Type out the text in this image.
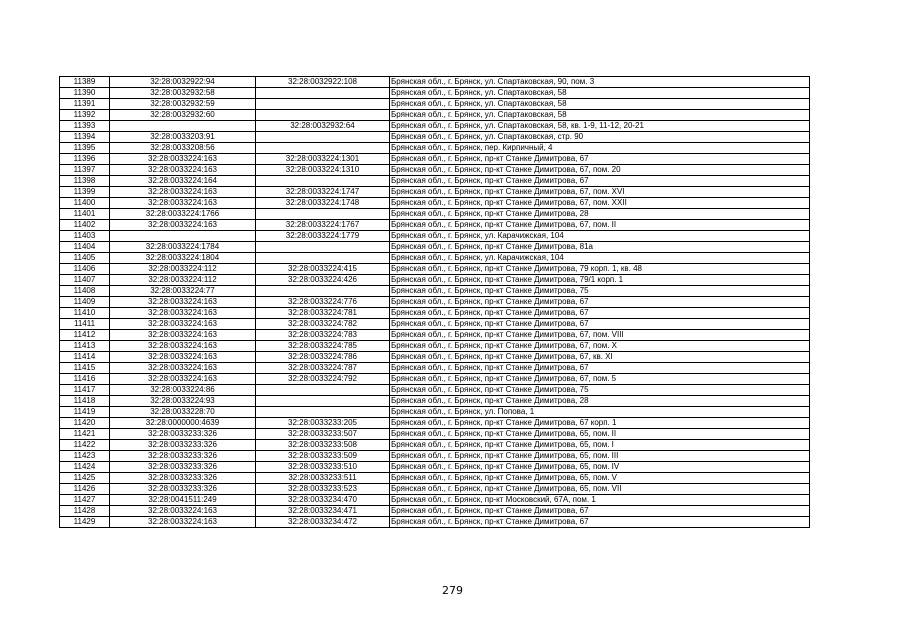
11389	32:28:0032922:94	32:28:0032922:108	Брянская обл., г. Брянск, ул. Спартаковская, 90, пом. 3
11390	32:28:0032932:58		Брянская обл., г. Брянск, ул. Спартаковская, 58
11391	32:28:0032932:59		Брянская обл., г. Брянск, ул. Спартаковская, 58
11392	32:28:0032932:60		Брянская обл., г. Брянск, ул. Спартаковская, 58
11393		32:28:0032932:64	Брянская обл., г. Брянск, ул. Спартаковская, 58, кв. 1-9, 11-12, 20-21
11394	32:28:0033203:91		Брянская обл., г. Брянск, ул. Спартаковская, стр. 90
11395	32:28:0033208:56		Брянская обл., г. Брянск, пер. Кирпичный, 4
11396	32:28:0033224:163	32:28:0033224:1301	Брянская обл., г. Брянск, пр-кт Станке Димитрова, 67
11397	32:28:0033224:163	32:28:0033224:1310	Брянская обл., г. Брянск, пр-кт Станке Димитрова, 67, пом. 20
11398	32:28:0033224:164		Брянская обл., г. Брянск, пр-кт Станке Димитрова, 67
11399	32:28:0033224:163	32:28:0033224:1747	Брянская обл., г. Брянск, пр-кт Станке Димитрова, 67, пом. XVI
11400	32:28:0033224:163	32:28:0033224:1748	Брянская обл., г. Брянск, пр-кт Станке Димитрова, 67, пом. XXII
11401	32:28:0033224:1766		Брянская обл., г. Брянск, пр-кт Станке Димитрова, 28
11402	32:28:0033224:163	32:28:0033224:1767	Брянская обл., г. Брянск, пр-кт Станке Димитрова, 67, пом. II
11403		32:28:0033224:1779	Брянская обл., г. Брянск, ул. Карачижская, 104
11404	32:28:0033224:1784		Брянская обл., г. Брянск, пр-кт Станке Димитрова, 81а
11405	32:28:0033224:1804		Брянская обл., г. Брянск, ул. Карачижская, 104
11406	32:28:0033224:112	32:28:0033224:415	Брянская обл., г. Брянск, пр-кт Станке Димитрова, 79 корп. 1, кв. 48
11407	32:28:0033224:112	32:28:0033224:426	Брянская обл., г. Брянск, пр-кт Станке Димитрова, 79/1 корп. 1
11408	32:28:0033224:77		Брянская обл., г. Брянск, пр-кт Станке Димитрова, 75
11409	32:28:0033224:163	32:28:0033224:776	Брянская обл., г. Брянск, пр-кт Станке Димитрова, 67
11410	32:28:0033224:163	32:28:0033224:781	Брянская обл., г. Брянск, пр-кт Станке Димитрова, 67
11411	32:28:0033224:163	32:28:0033224:782	Брянская обл., г. Брянск, пр-кт Станке Димитрова, 67
11412	32:28:0033224:163	32:28:0033224:783	Брянская обл., г. Брянск, пр-кт Станке Димитрова, 67, пом. VIII
11413	32:28:0033224:163	32:28:0033224:785	Брянская обл., г. Брянск, пр-кт Станке Димитрова, 67, пом. X
11414	32:28:0033224:163	32:28:0033224:786	Брянская обл., г. Брянск, пр-кт Станке Димитрова, 67, кв. XI
11415	32:28:0033224:163	32:28:0033224:787	Брянская обл., г. Брянск, пр-кт Станке Димитрова, 67
11416	32:28:0033224:163	32:28:0033224:792	Брянская обл., г. Брянск, пр-кт Станке Димитрова, 67, пом. 5
11417	32:28:0033224:86		Брянская обл., г. Брянск, пр-кт Станке Димитрова, 75
11418	32:28:0033224:93		Брянская обл., г. Брянск, пр-кт Станке Димитрова, 28
11419	32:28:0033228:70		Брянская обл., г. Брянск, ул. Попова, 1
11420	32:28:0000000:4639	32:28:0033233:205	Брянская обл., г. Брянск, пр-кт Станке Димитрова, 67 корп. 1
11421	32:28:0033233:326	32:28:0033233:507	Брянская обл., г. Брянск, пр-кт Станке Димитрова, 65, пом. II
11422	32:28:0033233:326	32:28:0033233:508	Брянская обл., г. Брянск, пр-кт Станке Димитрова, 65, пом. I
11423	32:28:0033233:326	32:28:0033233:509	Брянская обл., г. Брянск, пр-кт Станке Димитрова, 65, пом. III
11424	32:28:0033233:326	32:28:0033233:510	Брянская обл., г. Брянск, пр-кт Станке Димитрова, 65, пом. IV
11425	32:28:0033233:326	32:28:0033233:511	Брянская обл., г. Брянск, пр-кт Станке Димитрова, 65, пом. V
11426	32:28:0033233:326	32:28:0033233:523	Брянская обл., г. Брянск, пр-кт Станке Димитрова, 65, пом. VII
11427	32:28:0041511:249	32:28:0033234:470	Брянская обл., г. Брянск, пр-кт Московский, 67А, пом. 1
11428	32:28:0033224:163	32:28:0033234:471	Брянская обл., г. Брянск, пр-кт Станке Димитрова, 67
11429	32:28:0033224:163	32:28:0033234:472	Брянская обл., г. Брянск, пр-кт Станке Димитрова, 67
279
